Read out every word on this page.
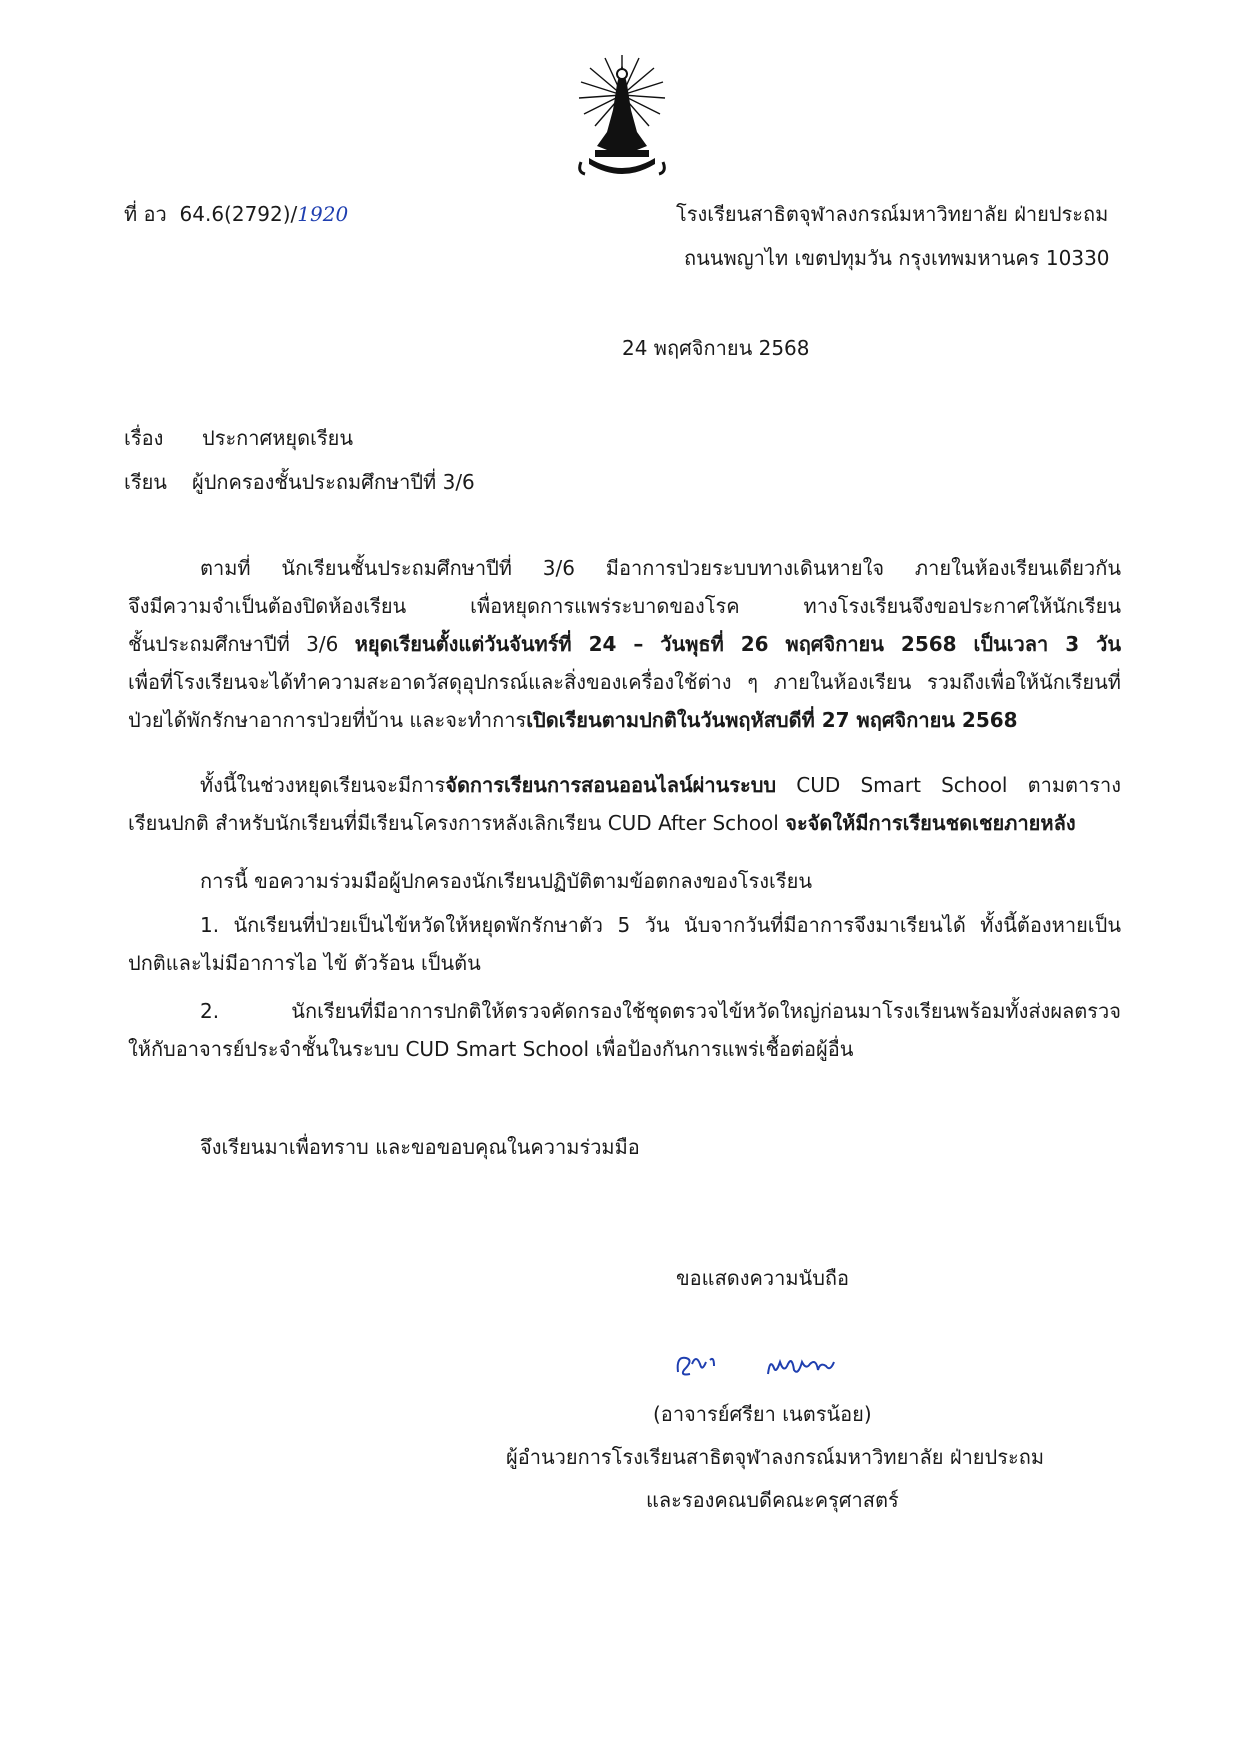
ที่ อว 64.6(2792)/1920	โรงเรียนสาธิตจุฬาลงกรณ์มหาวิทยาลัย ฝ่ายประถม
ถนนพญาไท เขตปทุมวัน กรุงเทพมหานคร 10330
24 พฤศจิกายน 2568
เรื่อง ประกาศหยุดเรียน
เรียน ผู้ปกครองชั้นประถมศึกษาปีที่ 3/6
ตามที่ นักเรียนชั้นประถมศึกษาปีที่ 3/6 มีอาการป่วยระบบทางเดินหายใจ ภายในห้องเรียนเดียวกัน
จึงมีความจำเป็นต้องปิดห้องเรียน เพื่อหยุดการแพร่ระบาดของโรค ทางโรงเรียนจึงขอประกาศให้นักเรียน
ชั้นประถมศึกษาปีที่ 3/6 หยุดเรียนตั้งแต่วันจันทร์ที่ 24 – วันพุธที่ 26 พฤศจิกายน 2568 เป็นเวลา 3 วัน
เพื่อที่โรงเรียนจะได้ทำความสะอาดวัสดุอุปกรณ์และสิ่งของเครื่องใช้ต่าง ๆ ภายในห้องเรียน รวมถึงเพื่อให้นักเรียนที่
ป่วยได้พักรักษาอาการป่วยที่บ้าน และจะทำการเปิดเรียนตามปกติในวันพฤหัสบดีที่ 27 พฤศจิกายน 2568
ทั้งนี้ในช่วงหยุดเรียนจะมีการจัดการเรียนการสอนออนไลน์ผ่านระบบ CUD Smart School ตามตาราง
เรียนปกติ สำหรับนักเรียนที่มีเรียนโครงการหลังเลิกเรียน CUD After School จะจัดให้มีการเรียนชดเชยภายหลัง
การนี้ ขอความร่วมมือผู้ปกครองนักเรียนปฏิบัติตามข้อตกลงของโรงเรียน
1. นักเรียนที่ป่วยเป็นไข้หวัดให้หยุดพักรักษาตัว 5 วัน นับจากวันที่มีอาการจึงมาเรียนได้ ทั้งนี้ต้องหายเป็น
ปกติและไม่มีอาการไอ ไข้ ตัวร้อน เป็นต้น
2. นักเรียนที่มีอาการปกติให้ตรวจคัดกรองใช้ชุดตรวจไข้หวัดใหญ่ก่อนมาโรงเรียนพร้อมทั้งส่งผลตรวจ
ให้กับอาจารย์ประจำชั้นในระบบ CUD Smart School เพื่อป้องกันการแพร่เชื้อต่อผู้อื่น
จึงเรียนมาเพื่อทราบ และขอขอบคุณในความร่วมมือ
ขอแสดงความนับถือ
(อาจารย์ศรียา เนตรน้อย)
ผู้อำนวยการโรงเรียนสาธิตจุฬาลงกรณ์มหาวิทยาลัย ฝ่ายประถม
และรองคณบดีคณะครุศาสตร์
